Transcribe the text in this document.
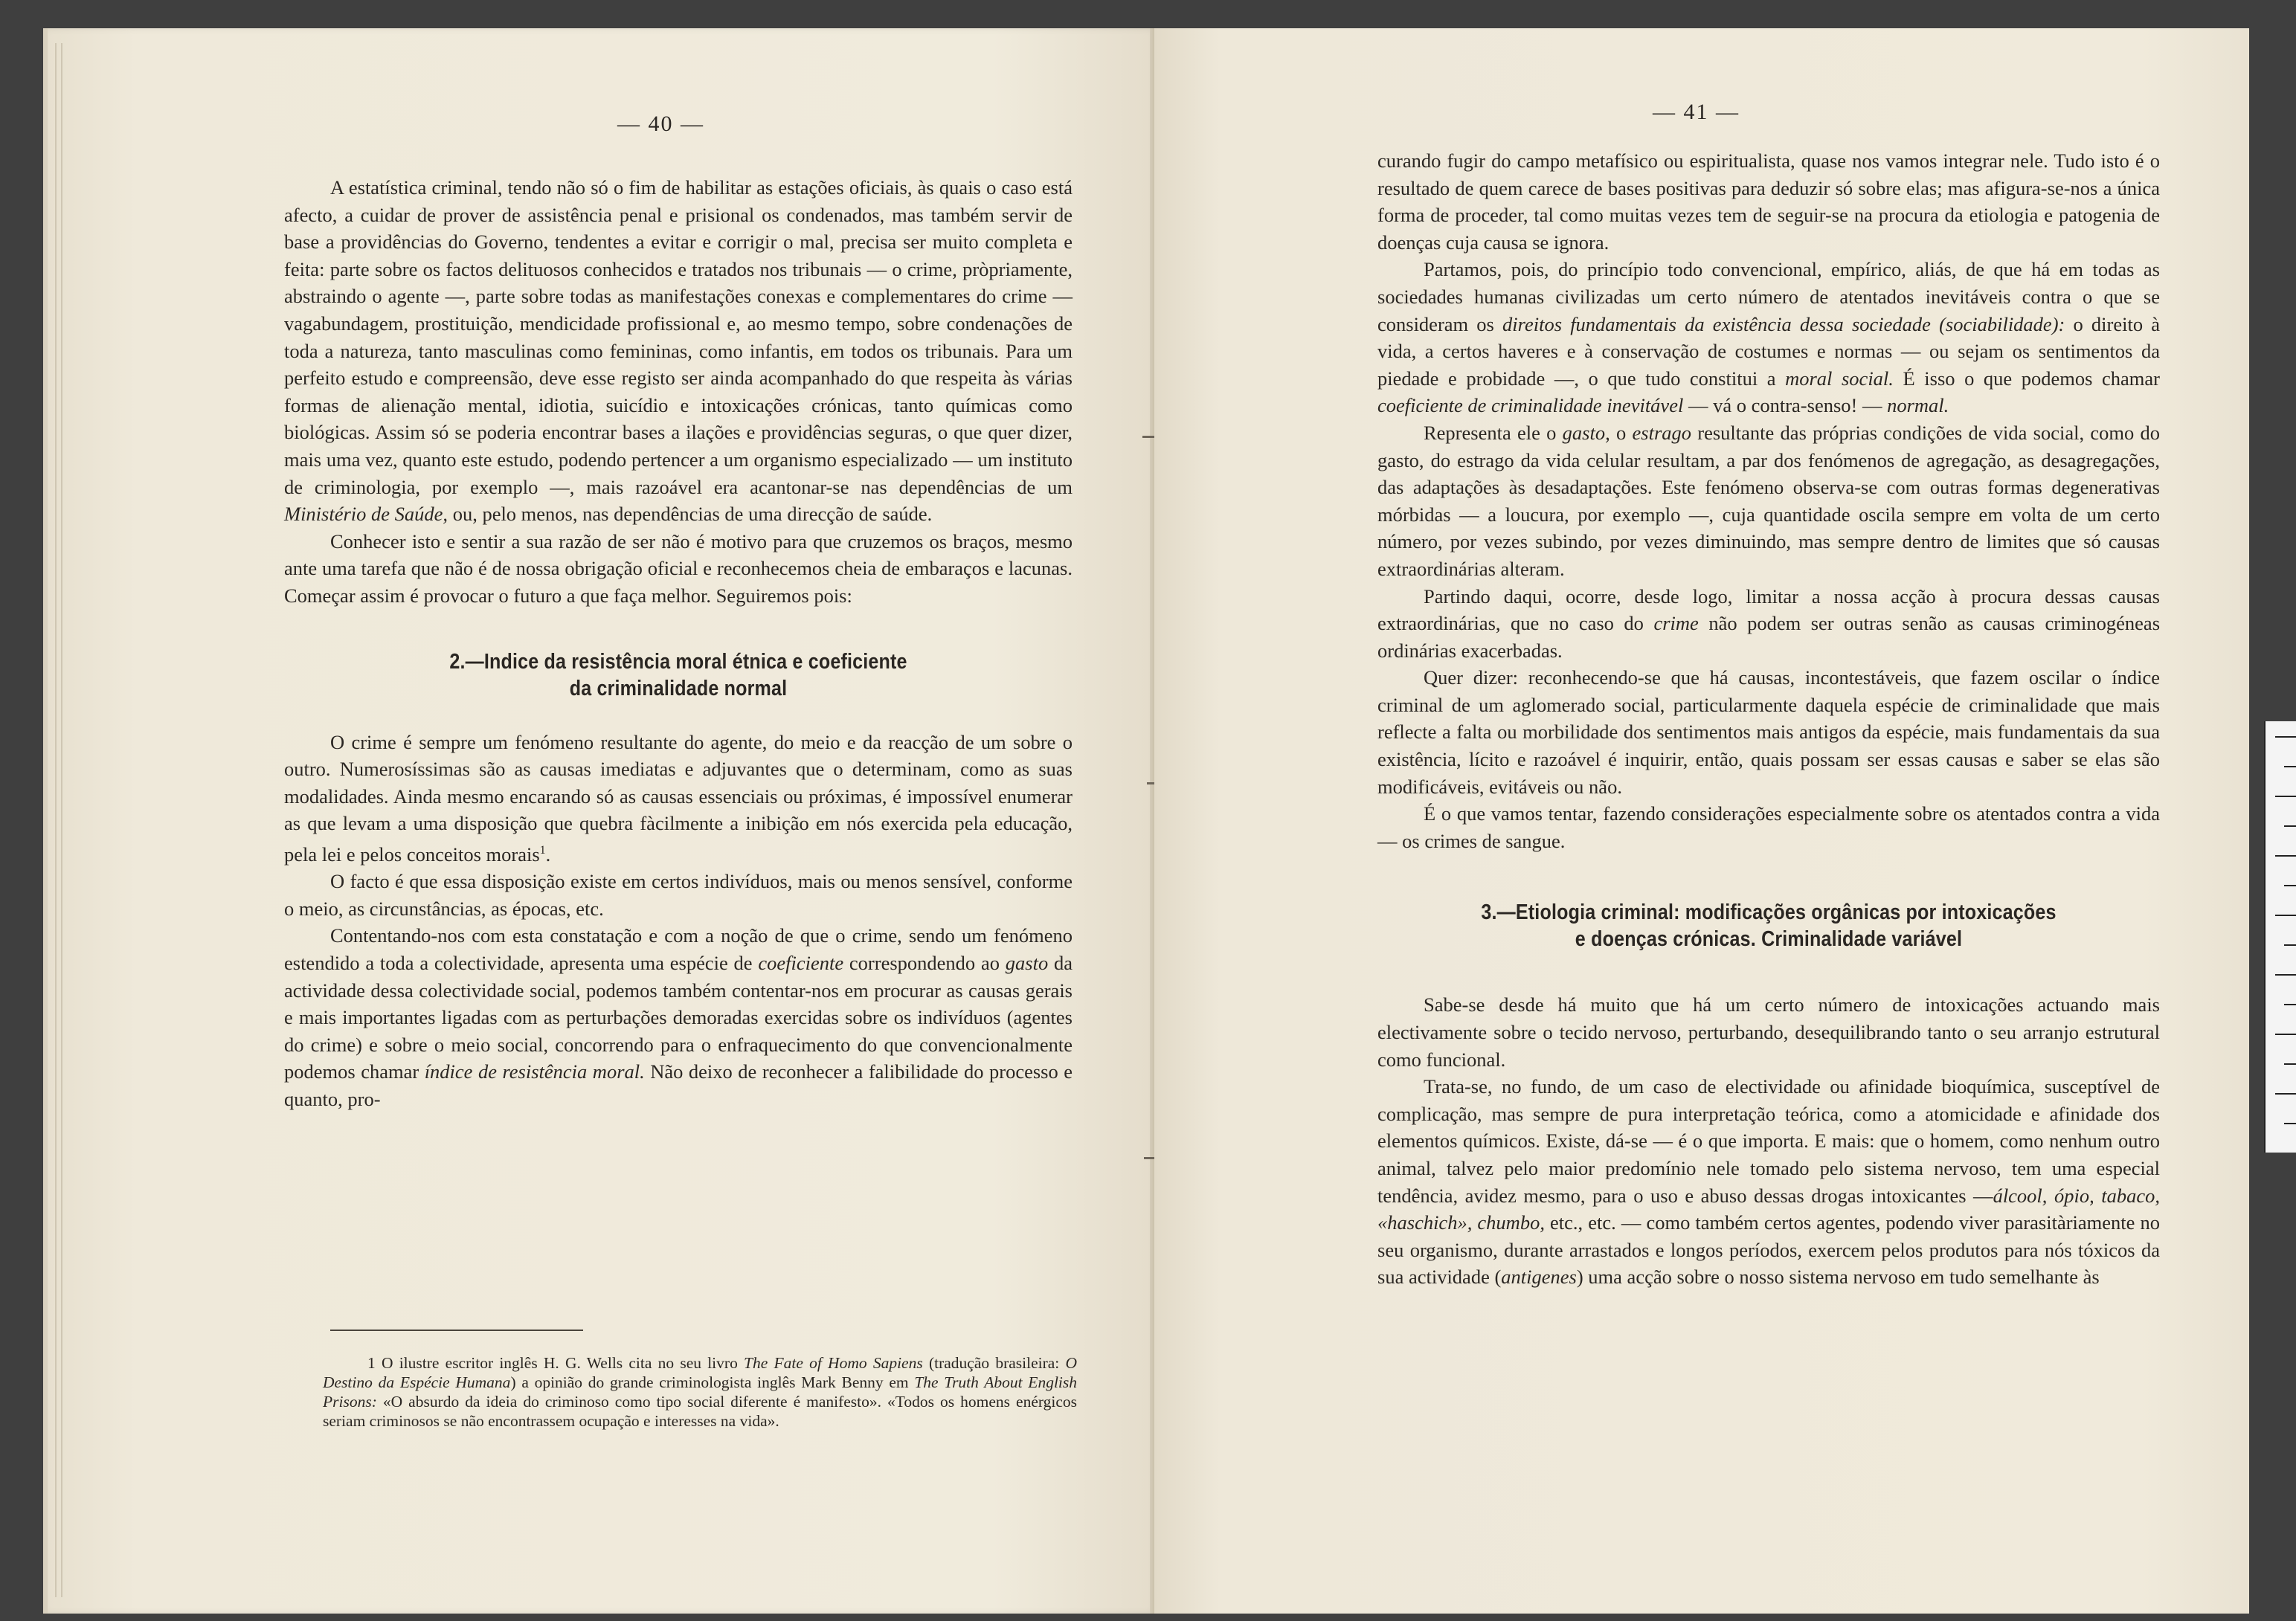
— 40 —

A estatística criminal, tendo não só o fim de habilitar as estações oficiais, às quais o caso está afecto, a cuidar de prover de assistência penal e prisional os condenados, mas também servir de base a providências do Governo, tendentes a evitar e corrigir o mal, precisa ser muito completa e feita: parte sobre os factos delituosos conhecidos e tratados nos tribunais — o crime, pròpriamente, abstraindo o agente —, parte sobre todas as manifestações conexas e complementares do crime — vagabundagem, prostituição, mendicidade profissional e, ao mesmo tempo, sobre condenações de toda a natureza, tanto masculinas como femininas, como infantis, em todos os tribunais. Para um perfeito estudo e compreensão, deve esse registo ser ainda acompanhado do que respeita às várias formas de alienação mental, idiotia, suicídio e intoxicações crónicas, tanto químicas como biológicas. Assim só se poderia encontrar bases a ilações e providências seguras, o que quer dizer, mais uma vez, quanto este estudo, podendo pertencer a um organismo especializado — um instituto de criminologia, por exemplo —, mais razoável era acantonar-se nas dependências de um Ministério de Saúde, ou, pelo menos, nas dependências de uma direcção de saúde.

Conhecer isto e sentir a sua razão de ser não é motivo para que cruzemos os braços, mesmo ante uma tarefa que não é de nossa obrigação oficial e reconhecemos cheia de embaraços e lacunas. Começar assim é provocar o futuro a que faça melhor. Seguiremos pois:

2.—Indice da resistência moral étnica e coeficiente
da criminalidade normal

O crime é sempre um fenómeno resultante do agente, do meio e da reacção de um sobre o outro. Numerosíssimas são as causas imediatas e adjuvantes que o determinam, como as suas modalidades. Ainda mesmo encarando só as causas essenciais ou próximas, é impossível enumerar as que levam a uma disposição que quebra fàcilmente a inibição em nós exercida pela educação, pela lei e pelos conceitos morais$^1$.

O facto é que essa disposição existe em certos indivíduos, mais ou menos sensível, conforme o meio, as circunstâncias, as épocas, etc.

Contentando-nos com esta constatação e com a noção de que o crime, sendo um fenómeno estendido a toda a colectividade, apresenta uma espécie de coeficiente correspondendo ao gasto da actividade dessa colectividade social, podemos também contentar-nos em procurar as causas gerais e mais importantes ligadas com as perturbações demoradas exercidas sobre os indivíduos (agentes do crime) e sobre o meio social, concorrendo para o enfraquecimento do que convencionalmente podemos chamar índice de resistência moral. Não deixo de reconhecer a falibilidade do processo e quanto, pro-

1 O ilustre escritor inglês H. G. Wells cita no seu livro The Fate of Homo Sapiens (tradução brasileira: O Destino da Espécie Humana) a opinião do grande criminologista inglês Mark Benny em The Truth About English Prisons: «O absurdo da ideia do criminoso como tipo social diferente é manifesto». «Todos os homens enérgicos seriam criminosos se não encontrassem ocupação e interesses na vida».

— 41 —

curando fugir do campo metafísico ou espiritualista, quase nos vamos integrar nele. Tudo isto é o resultado de quem carece de bases positivas para deduzir só sobre elas; mas afigura-se-nos a única forma de proceder, tal como muitas vezes tem de seguir-se na procura da etiologia e patogenia de doenças cuja causa se ignora.

Partamos, pois, do princípio todo convencional, empírico, aliás, de que há em todas as sociedades humanas civilizadas um certo número de atentados inevitáveis contra o que se consideram os direitos fundamentais da existência dessa sociedade (sociabilidade): o direito à vida, a certos haveres e à conservação de costumes e normas — ou sejam os sentimentos da piedade e probidade —, o que tudo constitui a moral social. É isso o que podemos chamar coeficiente de criminalidade inevitável — vá o contra-senso! — normal.

Representa ele o gasto, o estrago resultante das próprias condições de vida social, como do gasto, do estrago da vida celular resultam, a par dos fenómenos de agregação, as desagregações, das adaptações às desadaptações. Este fenómeno observa-se com outras formas degenerativas mórbidas — a loucura, por exemplo —, cuja quantidade oscila sempre em volta de um certo número, por vezes subindo, por vezes diminuindo, mas sempre dentro de limites que só causas extraordinárias alteram.

Partindo daqui, ocorre, desde logo, limitar a nossa acção à procura dessas causas extraordinárias, que no caso do crime não podem ser outras senão as causas criminogéneas ordinárias exacerbadas.

Quer dizer: reconhecendo-se que há causas, incontestáveis, que fazem oscilar o índice criminal de um aglomerado social, particularmente daquela espécie de criminalidade que mais reflecte a falta ou morbilidade dos sentimentos mais antigos da espécie, mais fundamentais da sua existência, lícito e razoável é inquirir, então, quais possam ser essas causas e saber se elas são modificáveis, evitáveis ou não.

É o que vamos tentar, fazendo considerações especialmente sobre os atentados contra a vida — os crimes de sangue.

3.—Etiologia criminal: modificações orgânicas por intoxicações
e doenças crónicas. Criminalidade variável

Sabe-se desde há muito que há um certo número de intoxicações actuando mais electivamente sobre o tecido nervoso, perturbando, desequilibrando tanto o seu arranjo estrutural como funcional.

Trata-se, no fundo, de um caso de electividade ou afinidade bioquímica, susceptível de complicação, mas sempre de pura interpretação teórica, como a atomicidade e afinidade dos elementos químicos. Existe, dá-se — é o que importa. E mais: que o homem, como nenhum outro animal, talvez pelo maior predomínio nele tomado pelo sistema nervoso, tem uma especial tendência, avidez mesmo, para o uso e abuso dessas drogas intoxicantes —álcool, ópio, tabaco, «haschich», chumbo, etc., etc. — como também certos agentes, podendo viver parasitàriamente no seu organismo, durante arrastados e longos períodos, exercem pelos produtos para nós tóxicos da sua actividade (antigenes) uma acção sobre o nosso sistema nervoso em tudo semelhante às
